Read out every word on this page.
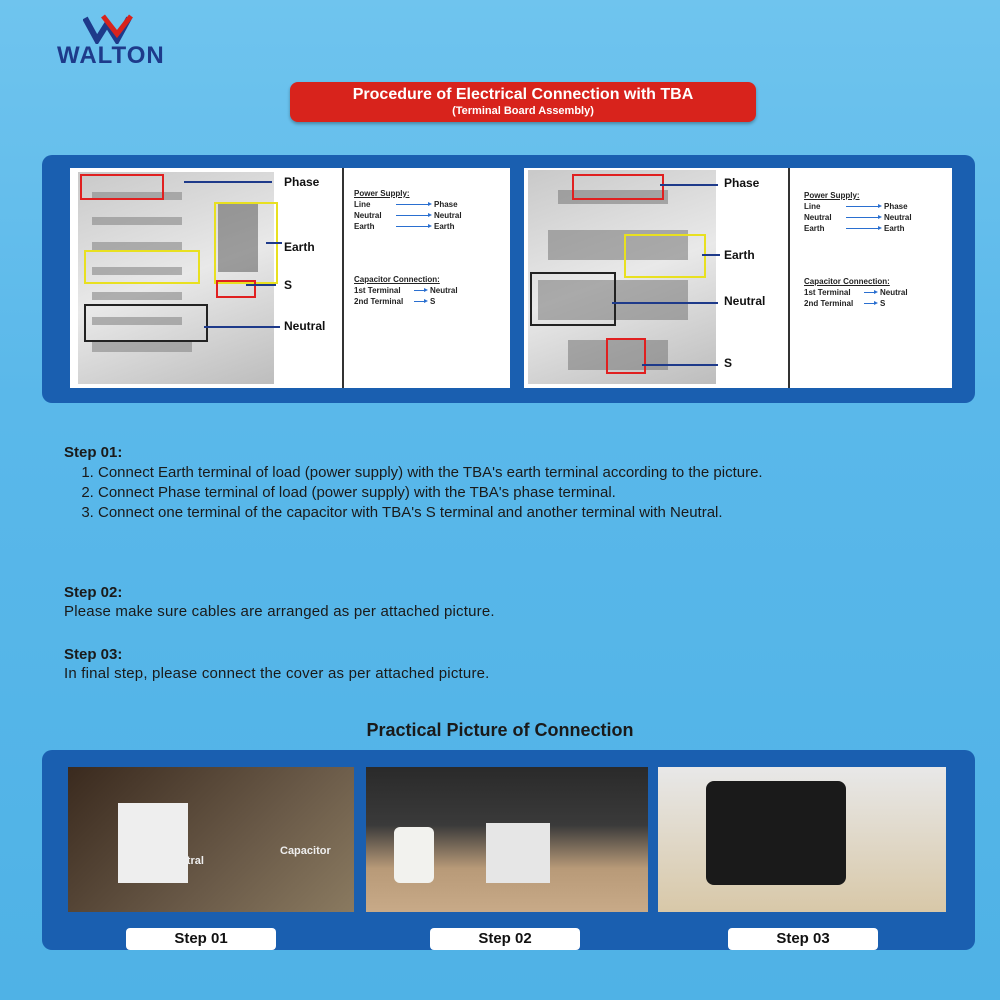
WALTON
Procedure of Electrical Connection with TBA
(Terminal Board Assembly)
Phase
Earth
S
Neutral
Power Supply:
Line	Phase
Neutral	Neutral
Earth	Earth
Capacitor Connection:
1st Terminal	Neutral
2nd Terminal	S
Phase
Earth
Neutral
S
Power Supply:
Line	Phase
Neutral	Neutral
Earth	Earth
Capacitor Connection:
1st Terminal	Neutral
2nd Terminal	S
Step 01:
1. Connect Earth terminal of load (power supply) with the TBA's earth terminal according to the picture.
2. Connect Phase terminal of load (power supply) with the TBA's phase terminal.
3. Connect one terminal of the capacitor with TBA's S terminal and another terminal with Neutral.
Step 02:
Please make sure cables are arranged as per attached picture.
Step 03:
In final step, please connect the cover as per attached picture.
Practical Picture of Connection
Phase
Neutral
Capacitor
Step 01	Step 02	Step 03
